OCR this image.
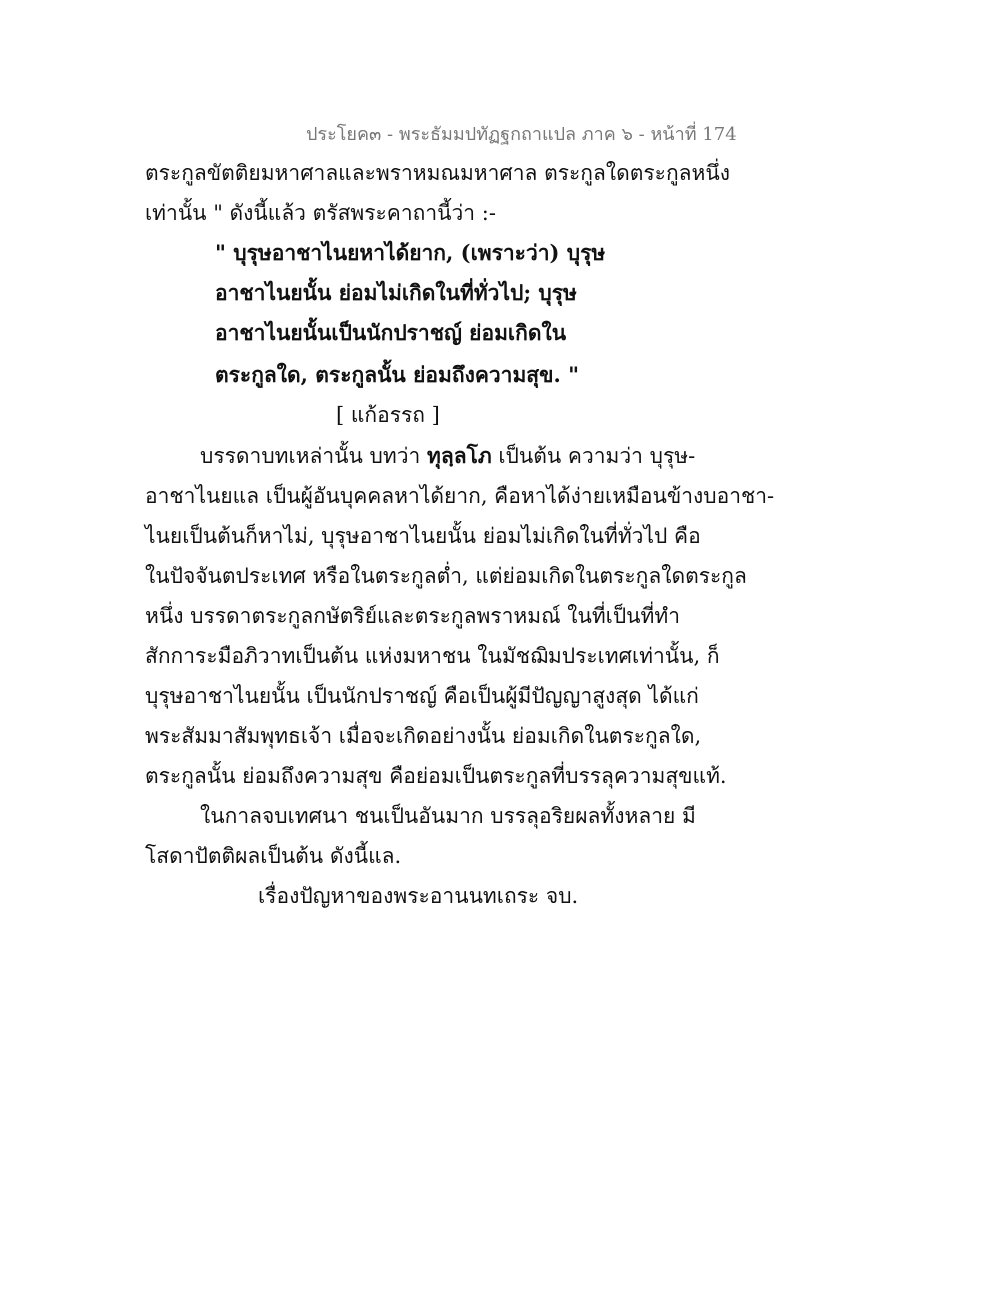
ประโยค๓ - พระธัมมปทัฏฐกถาแปล ภาค ๖ - หน้าที่ 174
ตระกูลขัตติยมหาศาลและพราหมณมหาศาล ตระกูลใดตระกูลหนึ่ง
เท่านั้น " ดังนี้แล้ว ตรัสพระคาถานี้ว่า :-
" บุรุษอาชาไนยหาได้ยาก, (เพราะว่า) บุรุษ
อาชาไนยนั้น ย่อมไม่เกิดในที่ทั่วไป; บุรุษ
อาชาไนยนั้นเป็นนักปราชญ์ ย่อมเกิดใน
ตระกูลใด, ตระกูลนั้น ย่อมถึงความสุข. "
[ แก้อรรถ ]
บรรดาบทเหล่านั้น บทว่า ทุลฺลโภ เป็นต้น ความว่า บุรุษ-
อาชาไนยแล เป็นผู้อันบุคคลหาได้ยาก, คือหาได้ง่ายเหมือนข้างบอาชา-
ไนยเป็นต้นก็หาไม่, บุรุษอาชาไนยนั้น ย่อมไม่เกิดในที่ทั่วไป คือ
ในปัจจันตประเทศ หรือในตระกูลต่ำ, แต่ย่อมเกิดในตระกูลใดตระกูล
หนึ่ง บรรดาตระกูลกษัตริย์และตระกูลพราหมณ์ ในที่เป็นที่ทำ
สักการะมือภิวาทเป็นต้น แห่งมหาชน ในมัชฌิมประเทศเท่านั้น, ก็
บุรุษอาชาไนยนั้น เป็นนักปราชญ์ คือเป็นผู้มีปัญญาสูงสุด ได้แก่
พระสัมมาสัมพุทธเจ้า เมื่อจะเกิดอย่างนั้น ย่อมเกิดในตระกูลใด,
ตระกูลนั้น ย่อมถึงความสุข คือย่อมเป็นตระกูลที่บรรลุความสุขแท้.
ในกาลจบเทศนา ชนเป็นอันมาก บรรลุอริยผลทั้งหลาย มี
โสดาปัตติผลเป็นต้น ดังนี้แล.
เรื่องปัญหาของพระอานนทเถระ จบ.
